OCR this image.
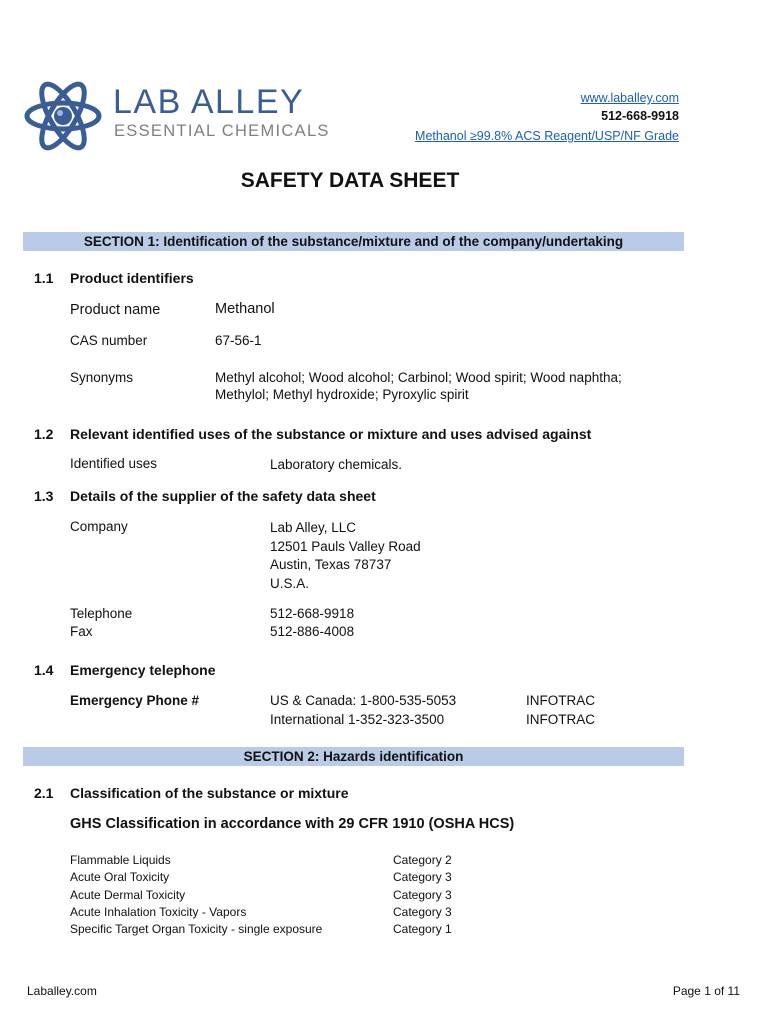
LAB ALLEY
ESSENTIAL CHEMICALS
www.laballey.com
512-668-9918
Methanol ≥99.8% ACS Reagent/USP/NF Grade
SAFETY DATA SHEET
SECTION 1: Identification of the substance/mixture and of the company/undertaking
1.1 Product identifiers
Product name	Methanol
CAS number	67-56-1
Synonyms	Methyl alcohol; Wood alcohol; Carbinol; Wood spirit; Wood naphtha;
Methylol; Methyl hydroxide; Pyroxylic spirit
1.2 Relevant identified uses of the substance or mixture and uses advised against
Identified uses	Laboratory chemicals.
1.3 Details of the supplier of the safety data sheet
Company	Lab Alley, LLC
12501 Pauls Valley Road
Austin, Texas 78737
U.S.A.
Telephone	512-668-9918
Fax	512-886-4008
1.4 Emergency telephone
Emergency Phone #	US & Canada: 1-800-535-5053	INFOTRAC
International 1-352-323-3500	INFOTRAC
SECTION 2: Hazards identification
2.1 Classification of the substance or mixture
GHS Classification in accordance with 29 CFR 1910 (OSHA HCS)
Flammable Liquids	Category 2
Acute Oral Toxicity	Category 3
Acute Dermal Toxicity	Category 3
Acute Inhalation Toxicity - Vapors	Category 3
Specific Target Organ Toxicity - single exposure	Category 1
Laballey.com	Page 1 of 11
